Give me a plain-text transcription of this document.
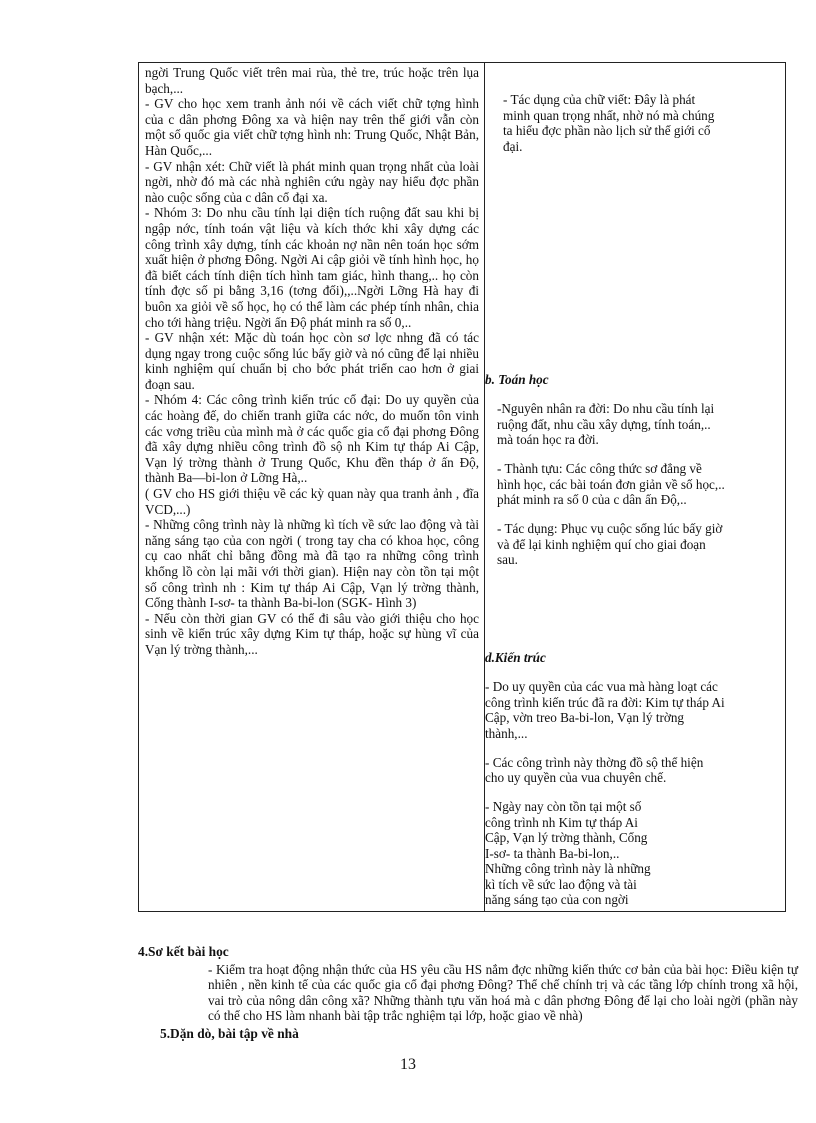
ngời Trung Quốc viết trên mai rùa, thẻ tre, trúc hoặc trên lụa bạch,...

- GV cho học xem tranh ảnh nói về cách viết chữ tợng hình của c dân phơng Đông xa và hiện nay trên thế giới vẫn còn một số quốc gia viết chữ tợng hình nh: Trung Quốc, Nhật Bản, Hàn Quốc,...

- GV nhận xét: Chữ viết là phát minh quan trọng nhất của loài ngời, nhờ đó mà các nhà nghiên cứu ngày nay hiểu đợc phần nào cuộc sống của c dân cổ đại xa.

- Nhóm 3: Do nhu cầu tính lại diện tích ruộng đất sau khi bị ngập nớc, tính toán vật liệu và kích thớc khi xây dựng các công trình xây dựng, tính các khoản nợ nần nên toán học sớm xuất hiện ở phơng Đông. Ngời Ai cập giỏi về tính hình học, họ đã biết cách tính diện tích hình tam giác, hình thang,.. họ còn tính đợc số pi bằng 3,16 (tơng đối),,..Ngời Lỡng Hà hay đi buôn xa giỏi về số học, họ có thể làm các phép tính nhân, chia cho tới hàng triệu. Ngời ấn Độ phát minh ra số 0,..

- GV nhận xét: Mặc dù toán học còn sơ lợc nhng đã có tác dụng ngay trong cuộc sống lúc bấy giờ và nó cũng để lại nhiều kinh nghiệm quí chuẩn bị cho bớc phát triển cao hơn ở giai đoạn sau.

- Nhóm 4: Các công trình kiến trúc cổ đại: Do uy quyền của các hoàng đế, do chiến tranh giữa các nớc, do muốn tôn vinh các vơng triều của mình mà ở các quốc gia cổ đại phơng Đông đã xây dựng nhiều công trình đồ sộ nh Kim tự tháp Ai Cập, Vạn lý trờng thành ở Trung Quốc, Khu đền tháp ở ấn Độ, thành Ba—bi-lon ở Lỡng Hà,..

( GV cho HS giới thiệu về các kỳ quan này qua tranh ảnh , đĩa VCD,...)

- Những công trình này là những kì tích về sức lao động và tài năng sáng tạo của con ngời ( trong tay cha có khoa học, công cụ cao nhất chỉ bằng đồng mà đã tạo ra những công trình khổng lồ còn lại mãi với thời gian). Hiện nay còn tồn tại một số công trình nh : Kim tự tháp Ai Cập, Vạn lý trờng thành, Cổng thành I-sơ- ta thành Ba-bi-lon (SGK- Hình 3)

- Nếu còn thời gian GV có thể đi sâu vào giới thiệu cho học sinh về kiến trúc xây dựng Kim tự tháp, hoặc sự hùng vĩ của Vạn lý trờng thành,...

- Tác dụng của chữ viết: Đây là phát minh quan trọng nhất, nhờ nó mà chúng ta hiểu đợc phần nào lịch sử thế giới cổ đại.

b. Toán học

-Nguyên nhân ra đời: Do nhu cầu tính lại ruộng đất, nhu cầu xây dựng, tính toán,.. mà toán học ra đời.

- Thành tựu: Các công thức sơ đẳng về hình học, các bài toán đơn giản về số học,.. phát minh ra số 0 của c dân ấn Độ,..

- Tác dụng: Phục vụ cuộc sống lúc bấy giờ và để lại kinh nghiệm quí cho giai đoạn sau.

d.Kiến trúc

- Do uy quyền của các vua mà hàng loạt các công trình kiến trúc đã ra đời: Kim tự tháp Ai Cập, vờn treo Ba-bi-lon, Vạn lý trờng thành,...

- Các công trình này thờng đồ sộ thể hiện cho uy quyền của vua chuyên chế.

- Ngày nay còn tồn tại một số công trình nh Kim tự tháp Ai Cập, Vạn lý trờng thành, Cổng I-sơ- ta thành Ba-bi-lon,.. Những công trình này là những kì tích về sức lao động và tài năng sáng tạo của con ngời

4.Sơ kết bài học

- Kiểm tra hoạt động nhận thức của HS yêu cầu HS nắm đợc những kiến thức cơ bản của bài học: Điều kiện tự nhiên , nền kinh tế của các quốc gia cổ đại phơng Đông? Thể chế chính trị và các tầng lớp chính trong xã hội, vai trò của nông dân công xã? Những thành tựu văn hoá mà c dân phơng Đông để lại cho loài ngời (phần này có thể cho HS làm nhanh bài tập trắc nghiệm tại lớp, hoặc giao về nhà)

5.Dặn dò, bài tập về nhà

13
